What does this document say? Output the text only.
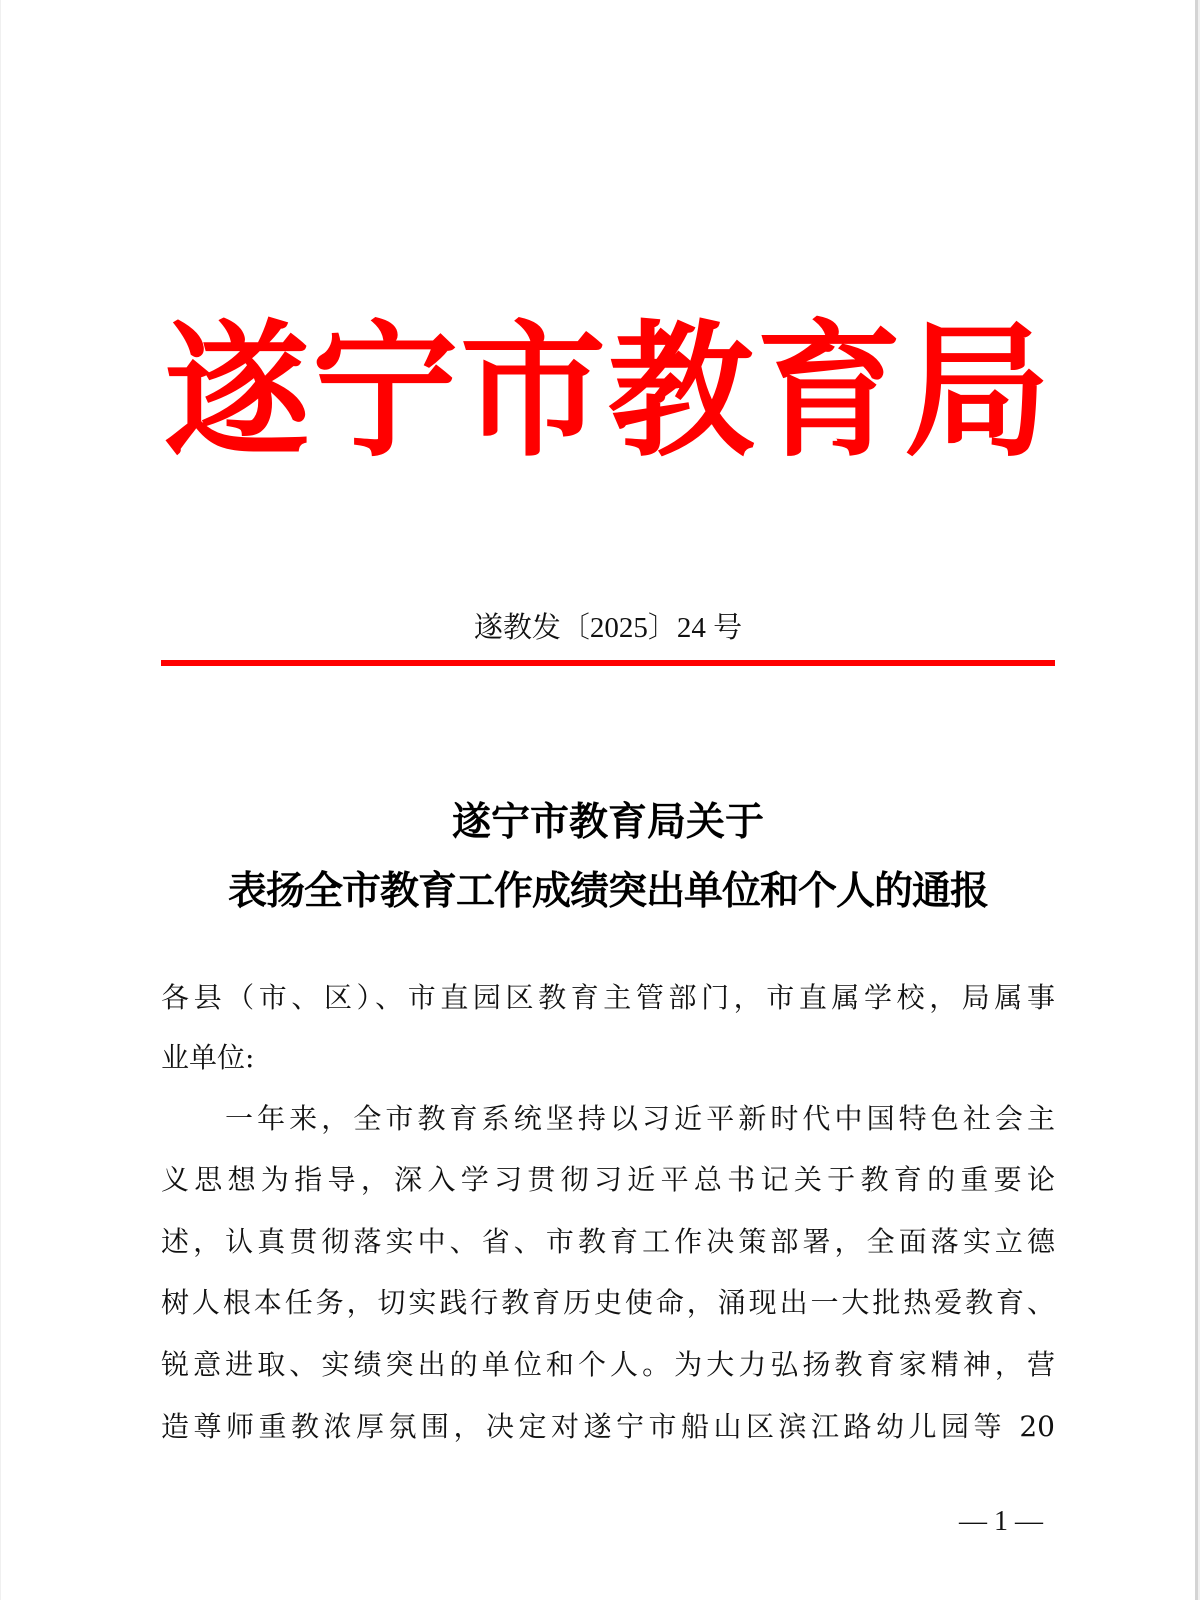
遂宁市教育局
遂教发〔2025〕24 号
遂宁市教育局关于
表扬全市教育工作成绩突出单位和个人的通报
各县（市、区）、市直园区教育主管部门，市直属学校，局属事
业单位:
一年来，全市教育系统坚持以习近平新时代中国特色社会主
义思想为指导，深入学习贯彻习近平总书记关于教育的重要论
述，认真贯彻落实中、省、市教育工作决策部署，全面落实立德
树人根本任务，切实践行教育历史使命，涌现出一大批热爱教育、
锐意进取、实绩突出的单位和个人。为大力弘扬教育家精神，营
造尊师重教浓厚氛围，决定对遂宁市船山区滨江路幼儿园等 20
— 1 —
